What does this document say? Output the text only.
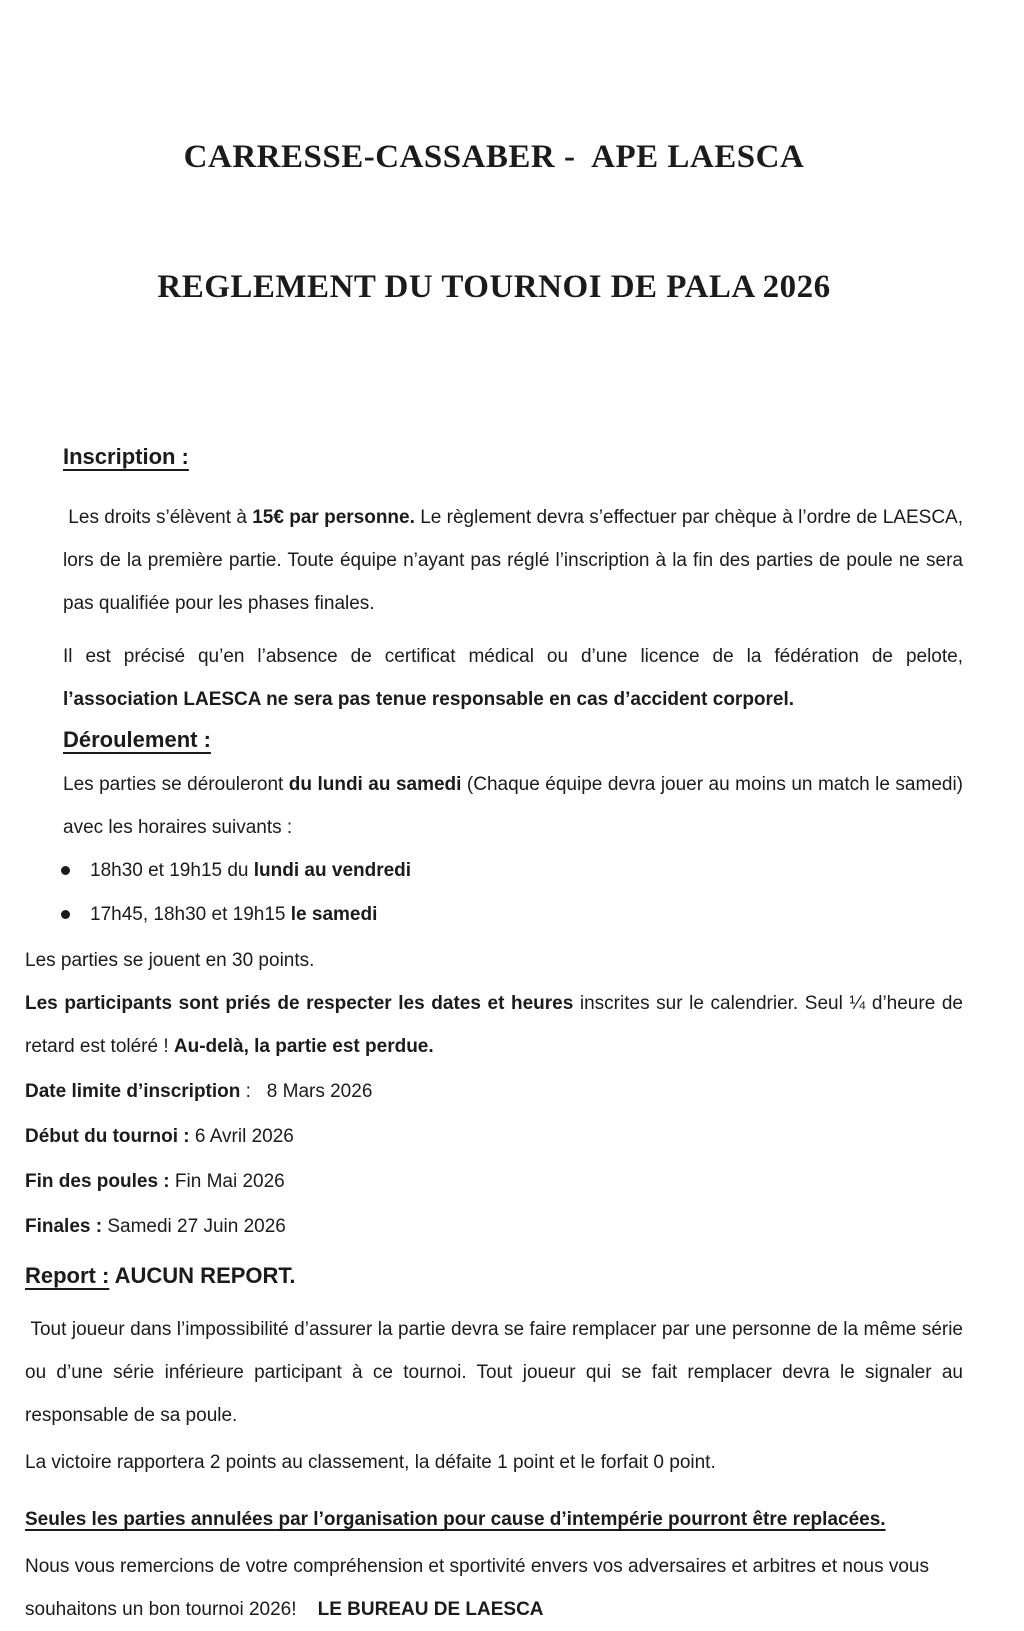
CARRESSE-CASSABER -  APE LAESCA

REGLEMENT DU TOURNOI DE PALA 2026

Inscription :

Les droits s’élèvent à 15€ par personne. Le règlement devra s’effectuer par chèque à l’ordre de LAESCA, lors de la première partie. Toute équipe n’ayant pas réglé l’inscription à la fin des parties de poule ne sera pas qualifiée pour les phases finales.

Il est précisé qu’en l’absence de certificat médical ou d’une licence de la fédération de pelote, l’association LAESCA ne sera pas tenue responsable en cas d’accident corporel.

Déroulement :

Les parties se dérouleront du lundi au samedi (Chaque équipe devra jouer au moins un match le samedi) avec les horaires suivants :

18h30 et 19h15 du lundi au vendredi
17h45, 18h30 et 19h15 le samedi

Les parties se jouent en 30 points.

Les participants sont priés de respecter les dates et heures inscrites sur le calendrier. Seul ¼ d’heure de retard est toléré ! Au-delà, la partie est perdue.

Date limite d’inscription :   8 Mars 2026

Début du tournoi : 6 Avril 2026

Fin des poules : Fin Mai 2026

Finales : Samedi 27 Juin 2026

Report : AUCUN REPORT.

Tout joueur dans l’impossibilité d’assurer la partie devra se faire remplacer par une personne de la même série ou d’une série inférieure participant à ce tournoi. Tout joueur qui se fait remplacer devra le signaler au responsable de sa poule.

La victoire rapportera 2 points au classement, la défaite 1 point et le forfait 0 point.

Seules les parties annulées par l’organisation pour cause d’intempérie pourront être replacées.

Nous vous remercions de votre compréhension et sportivité envers vos adversaires et arbitres et nous vous souhaitons un bon tournoi 2026! LE BUREAU DE LAESCA
